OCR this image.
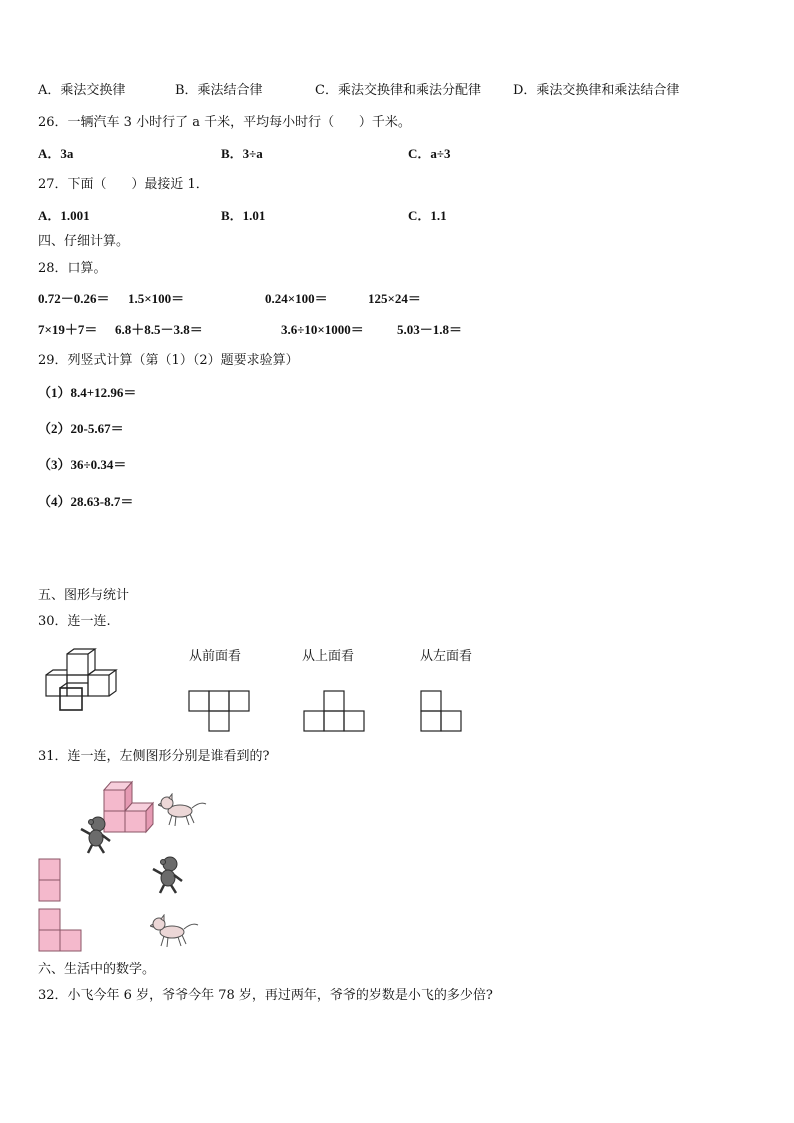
A．乘法交换律	B．乘法结合律	C．乘法交换律和乘法分配律 D．乘法交换律和乘法结合律
26．一辆汽车 3 小时行了 a 千米，平均每小时行（      ）千米。
A．3a	B．3÷a	C．a÷3
27．下面（      ）最接近 1．
A．1.001	B．1.01	C．1.1
四、仔细计算。
28．口算。
0.72－0.26＝ 1.5×100＝	0.24×100＝	125×24＝
7×19＋7＝ 6.8＋8.5－3.8＝	3.6÷10×1000＝	5.03－1.8＝
29．列竖式计算（第（1）（2）题要求验算）
（1）8.4+12.96＝
（2）20-5.67＝
（3）36÷0.34＝
（4）28.63-8.7＝
五、图形与统计
30．连一连.
从前面看	从上面看	从左面看
31．连一连，左侧图形分别是谁看到的?
六、生活中的数学。
32．小飞今年 6 岁，爷爷今年 78 岁，再过两年，爷爷的岁数是小飞的多少倍?
